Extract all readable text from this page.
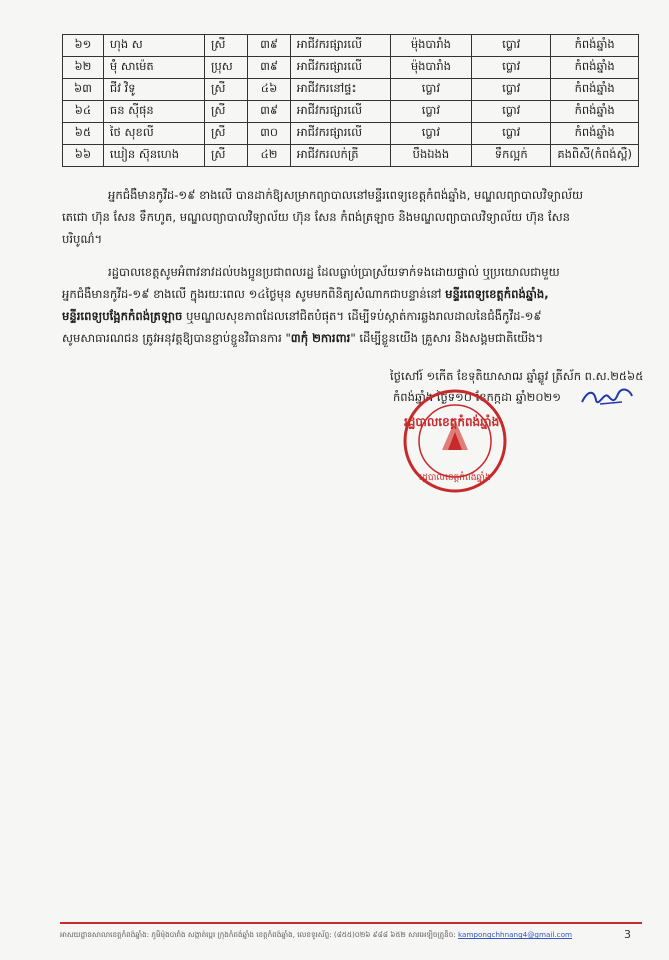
៦១	ហុង ស	ស្រី	៣៩	អាជីវករផ្សារលើ	ម៉ុងបារាំង	ប្លោវ	កំពង់ឆ្នាំង
៦២	ម៉ុំ សាម៉េត	ប្រុស	៣៩	អាជីវករផ្សារលើ	ម៉ុងបារាំង	ប្លោវ	កំពង់ឆ្នាំង
៦៣	ជីវ វិទូ	ស្រី	៤៦	អាជីវករនៅផ្ទះ	ប្លោវ	ប្លោវ	កំពង់ឆ្នាំង
៦៤	ធន ស៊ីផុន	ស្រី	៣៩	អាជីវករផ្សារលើ	ប្លោវ	ប្លោវ	កំពង់ឆ្នាំង
៦៥	ថៃ សុខលី	ស្រី	៣០	អាជីវករផ្សារលើ	ប្លោវ	ប្លោវ	កំពង់ឆ្នាំង
៦៦	ឃៀន ស៊ុនហេង	ស្រី	៤២	អាជីវករលក់ត្រី	បឹងឯងង	ទឹកល្អក់	គងពិសី(កំពង់ស្ពឺ)
អ្នកជំងឺមានកូវីដ-១៩ ខាងលើ បានដាក់ឱ្យសម្រាកព្យាបាលនៅមន្ទីរពេទ្យខេត្តកំពង់ឆ្នាំង, មណ្ឌលព្យាបាលវិទ្យាល័យ
តេជោ ហ៊ុន សែន ទឹកហូត, មណ្ឌលព្យាបាលវិទ្យាល័យ ហ៊ុន សែន កំពង់ត្រឡាច និងមណ្ឌលព្យាបាលវិទ្យាល័យ ហ៊ុន សែន
បរិបូណ៌។
រដ្ឋបាលខេត្តសូមអំពាវនាវដល់បងប្អូនប្រជាពលរដ្ឋ ដែលធ្លាប់ប្រាស្រ័យទាក់ទងដោយផ្ទាល់ ឬប្រយោលជាមួយ
អ្នកជំងឺមានកូវីដ-១៩ ខាងលើ ក្នុងរយៈពេល ១៤ថ្ងៃមុន សូមមកពិនិត្យសំណាកជាបន្ទាន់នៅ មន្ទីរពេទ្យខេត្តកំពង់ឆ្នាំង,
មន្ទីរពេទ្យបង្អែកកំពង់ត្រឡាច ឬមណ្ឌលសុខភាពដែលនៅជិតបំផុត។ ដើម្បីទប់ស្កាត់ការឆ្លងរាលដាលនៃជំងឺកូវីដ-១៩
សូមសាធារណជន ត្រូវអនុវត្តឱ្យបានខ្ជាប់ខ្ជួនវិធានការ "៣កុំ ២ការពារ" ដើម្បីខ្លួនយើង គ្រួសារ និងសង្គមជាតិយើង។
ថ្ងៃសៅរ៍ ១កើត ខែទុតិយាសាឍ ឆ្នាំឆ្លូវ ត្រីស័ក ព.ស.២៥៦៥
កំពង់ឆ្នាំង ថ្ងៃទី១០ ខែកក្កដា ឆ្នាំ២០២១
រដ្ឋបាលខេត្តកំពង់ឆ្នាំង
រដ្ឋបាលខេត្តកំពង់ឆ្នាំង
អាសយដ្ឋានសាលាខេត្តកំពង់ឆ្នាំង: ភូមិម៉ុងបារាំង សង្កាត់ប្អេរ ក្រុងកំពង់ឆ្នាំង ខេត្តកំពង់ឆ្នាំង, លេខទូរស័ព្ទ: (៨៥៥)០២៦ ៩៨៨ ៦៥២ សារអេឡិចត្រូនិច: kampongchhnang4@gmail.com	3
